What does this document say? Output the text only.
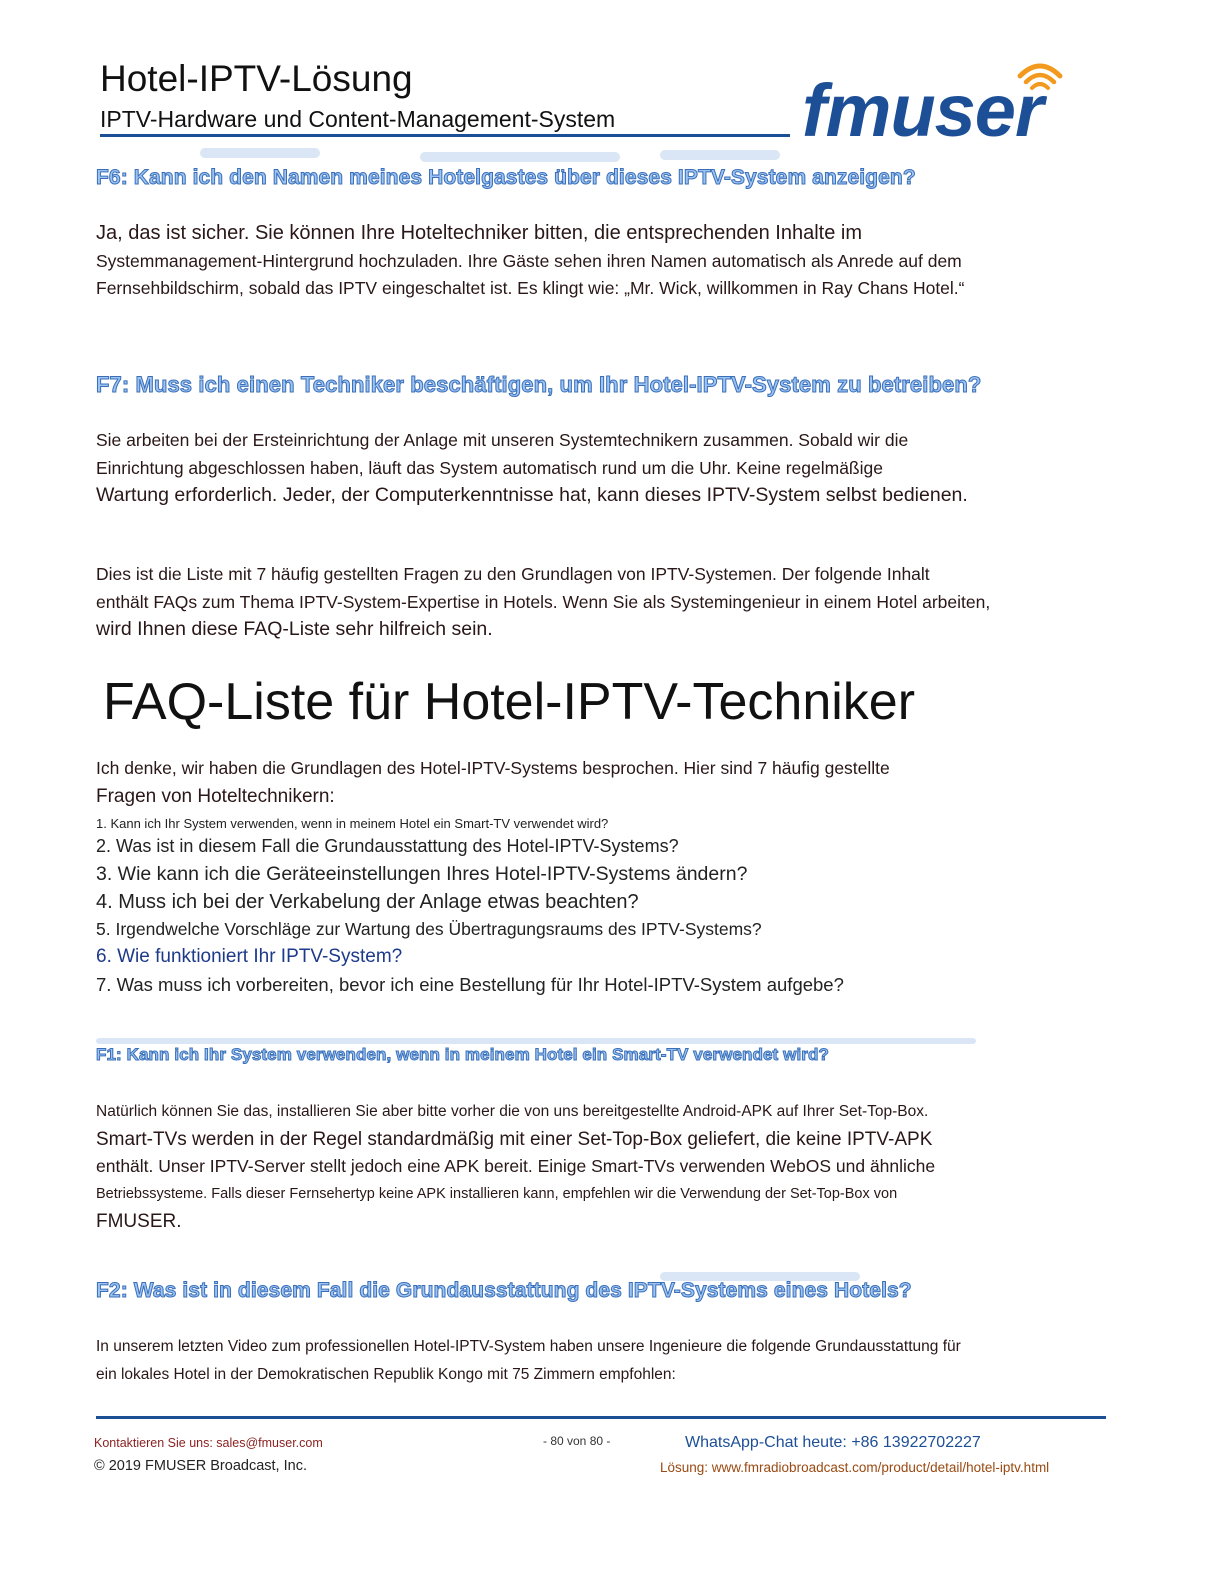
Hotel-IPTV-Lösung
IPTV-Hardware und Content-Management-System	fmuser
F6: Kann ich den Namen meines Hotelgastes über dieses IPTV-System anzeigen?
Ja, das ist sicher. Sie können Ihre Hoteltechniker bitten, die entsprechenden Inhalte im
Systemmanagement-Hintergrund hochzuladen. Ihre Gäste sehen ihren Namen automatisch als Anrede auf dem
Fernsehbildschirm, sobald das IPTV eingeschaltet ist. Es klingt wie: „Mr. Wick, willkommen in Ray Chans Hotel.“
F7: Muss ich einen Techniker beschäftigen, um Ihr Hotel-IPTV-System zu betreiben?
Sie arbeiten bei der Ersteinrichtung der Anlage mit unseren Systemtechnikern zusammen. Sobald wir die
Einrichtung abgeschlossen haben, läuft das System automatisch rund um die Uhr. Keine regelmäßige
Wartung erforderlich. Jeder, der Computerkenntnisse hat, kann dieses IPTV-System selbst bedienen.
Dies ist die Liste mit 7 häufig gestellten Fragen zu den Grundlagen von IPTV-Systemen. Der folgende Inhalt
enthält FAQs zum Thema IPTV-System-Expertise in Hotels. Wenn Sie als Systemingenieur in einem Hotel arbeiten,
wird Ihnen diese FAQ-Liste sehr hilfreich sein.
FAQ-Liste für Hotel-IPTV-Techniker
Ich denke, wir haben die Grundlagen des Hotel-IPTV-Systems besprochen. Hier sind 7 häufig gestellte
Fragen von Hoteltechnikern:
1. Kann ich Ihr System verwenden, wenn in meinem Hotel ein Smart-TV verwendet wird?
2. Was ist in diesem Fall die Grundausstattung des Hotel-IPTV-Systems?
3. Wie kann ich die Geräteeinstellungen Ihres Hotel-IPTV-Systems ändern?
4. Muss ich bei der Verkabelung der Anlage etwas beachten?
5. Irgendwelche Vorschläge zur Wartung des Übertragungsraums des IPTV-Systems?
6. Wie funktioniert Ihr IPTV-System?
7. Was muss ich vorbereiten, bevor ich eine Bestellung für Ihr Hotel-IPTV-System aufgebe?
F1: Kann ich Ihr System verwenden, wenn in meinem Hotel ein Smart-TV verwendet wird?
Natürlich können Sie das, installieren Sie aber bitte vorher die von uns bereitgestellte Android-APK auf Ihrer Set-Top-Box.
Smart-TVs werden in der Regel standardmäßig mit einer Set-Top-Box geliefert, die keine IPTV-APK
enthält. Unser IPTV-Server stellt jedoch eine APK bereit. Einige Smart-TVs verwenden WebOS und ähnliche
Betriebssysteme. Falls dieser Fernsehertyp keine APK installieren kann, empfehlen wir die Verwendung der Set-Top-Box von
FMUSER.
F2: Was ist in diesem Fall die Grundausstattung des IPTV-Systems eines Hotels?
In unserem letzten Video zum professionellen Hotel-IPTV-System haben unsere Ingenieure die folgende Grundausstattung für
ein lokales Hotel in der Demokratischen Republik Kongo mit 75 Zimmern empfohlen:
Kontaktieren Sie uns: sales@fmuser.com
© 2019 FMUSER Broadcast, Inc.
- 80 von 80 -	WhatsApp-Chat heute: +86 13922702227
Lösung: www.fmradiobroadcast.com/product/detail/hotel-iptv.html
